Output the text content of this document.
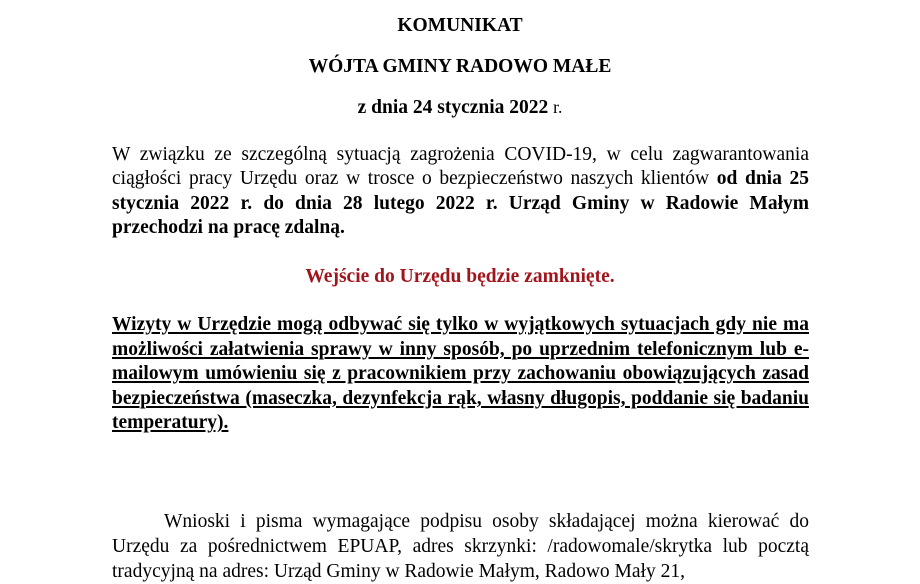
KOMUNIKAT

WÓJTA GMINY RADOWO MAŁE

z dnia 24 stycznia 2022 r.

W związku ze szczególną sytuacją zagrożenia COVID-19, w celu zagwarantowania ciągłości pracy Urzędu oraz w trosce o bezpieczeństwo naszych klientów od dnia 25 stycznia 2022 r. do dnia 28 lutego 2022 r. Urząd Gminy w Radowie Małym przechodzi na pracę zdalną.

Wejście do Urzędu będzie zamknięte.

Wizyty w Urzędzie mogą odbywać się tylko w wyjątkowych sytuacjach gdy nie ma możliwości załatwienia sprawy w inny sposób, po uprzednim telefonicznym lub e-mailowym umówieniu się z pracownikiem przy zachowaniu obowiązujących zasad bezpieczeństwa (maseczka, dezynfekcja rąk, własny długopis, poddanie się badaniu temperatury).

Wnioski i pisma wymagające podpisu osoby składającej można kierować do Urzędu za pośrednictwem EPUAP, adres skrzynki: /radowomale/skrytka lub pocztą tradycyjną na adres: Urząd Gminy w Radowie Małym, Radowo Mały 21,
